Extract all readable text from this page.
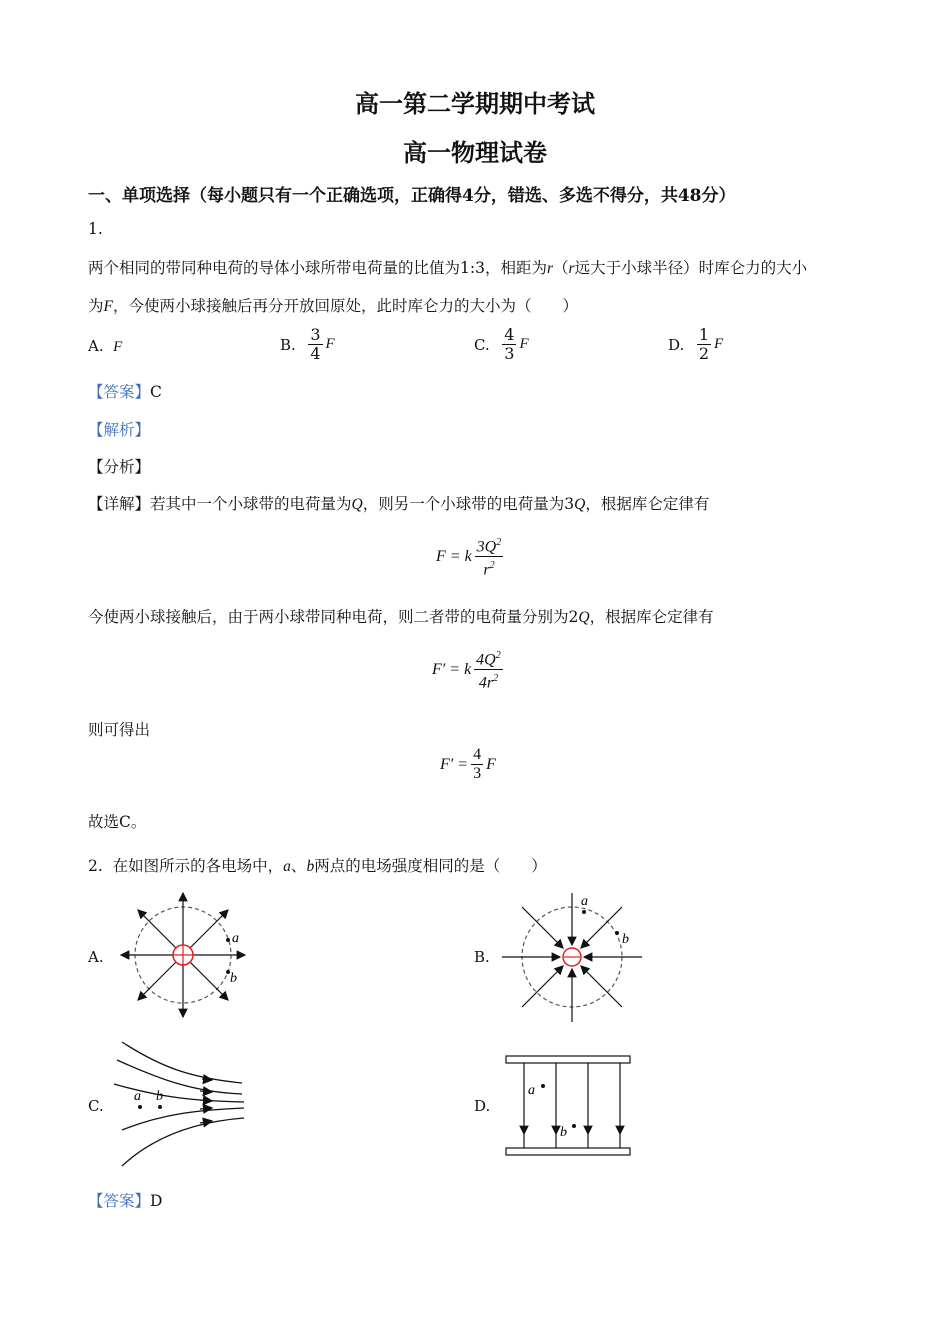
高一第二学期期中考试
高一物理试卷
一、单项选择（每小题只有一个正确选项，正确得4分，错选、多选不得分，共48分）
1.
两个相同的带同种电荷的导体小球所带电荷量的比值为1:3，相距为r（r远大于小球半径）时库仑力的大小
为F，今使两小球接触后再分开放回原处，此时库仑力的大小为（　　）
A. F	B.
$\frac{3}{4}$ F	C.
$\frac{4}{3}$ F	D.
$\frac{1}{2}$ F
【答案】C
【解析】
【分析】
【详解】若其中一个小球带的电荷量为Q，则另一个小球带的电荷量为3Q，根据库仑定律有
F = k $\frac{3Q^2}{r^2}$
今使两小球接触后，由于两小球带同种电荷，则二者带的电荷量分别为2Q，根据库仑定律有
F′ = k $\frac{4Q^2}{4r^2}$
则可得出
$F' = \frac{4}{3}$ F
故选C。
2. 在如图所示的各电场中，a、b两点的电场强度相同的是（　　）
A.	B.
C.	D.
a
b
a
b
a b	a
b
【答案】D
